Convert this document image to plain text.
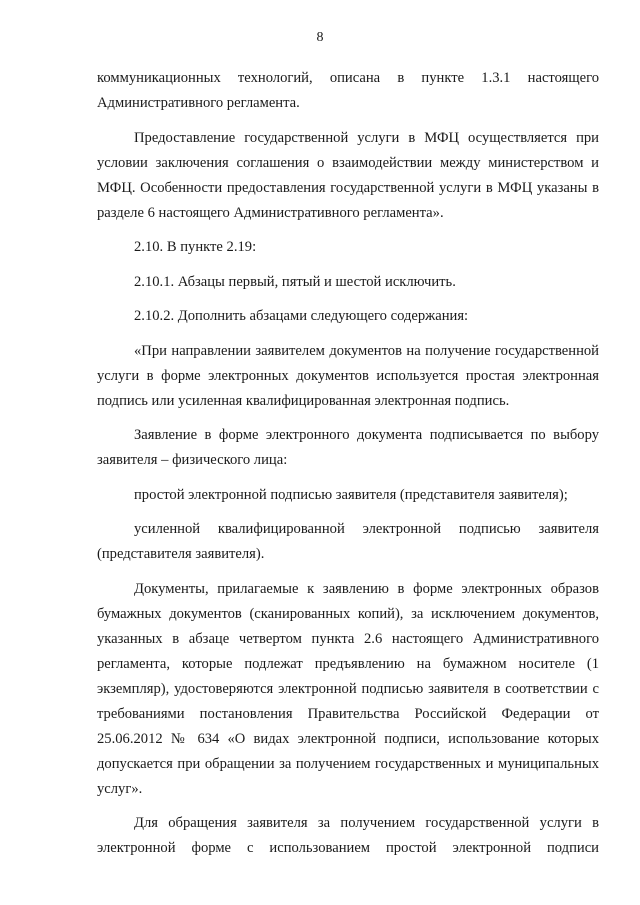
8

коммуникационных технологий, описана в пункте 1.3.1 настоящего Административного регламента.

Предоставление государственной услуги в МФЦ осуществляется при условии заключения соглашения о взаимодействии между министерством и МФЦ. Особенности предоставления государственной услуги в МФЦ указаны в разделе 6 настоящего Административного регламента».

2.10. В пункте 2.19:

2.10.1. Абзацы первый, пятый и шестой исключить.

2.10.2. Дополнить абзацами следующего содержания:

«При направлении заявителем документов на получение государственной услуги в форме электронных документов используется простая электронная подпись или усиленная квалифицированная электронная подпись.

Заявление в форме электронного документа подписывается по выбору заявителя – физического лица:

простой электронной подписью заявителя (представителя заявителя);

усиленной квалифицированной электронной подписью заявителя (представителя заявителя).

Документы, прилагаемые к заявлению в форме электронных образов бумажных документов (сканированных копий), за исключением документов, указанных в абзаце четвертом пункта 2.6 настоящего Административного регламента, которые подлежат предъявлению на бумажном носителе (1 экземпляр), удостоверяются электронной подписью заявителя в соответствии с требованиями постановления Правительства Российской Федерации от 25.06.2012 № 634 «О видах электронной подписи, использование которых допускается при обращении за получением государственных и муниципальных услуг».

Для обращения заявителя за получением государственной услуги в электронной форме с использованием простой электронной подписи
